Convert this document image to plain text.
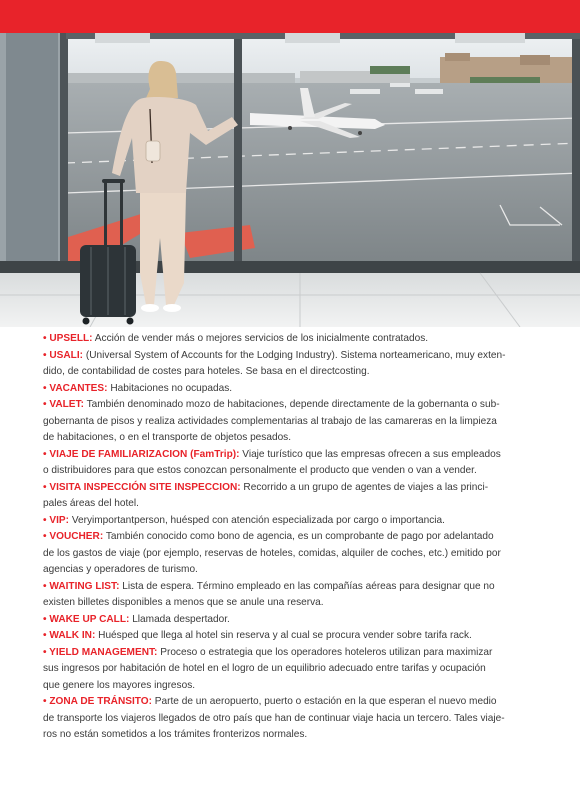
• UPSELL: Acción de vender más o mejores servicios de los inicialmente contratados.

• USALI: (Universal System of Accounts for the Lodging Industry). Sistema norteamericano, muy exten-
dido, de contabilidad de costes para hoteles. Se basa en el directcosting.

• VACANTES: Habitaciones no ocupadas.

• VALET: También denominado mozo de habitaciones, depende directamente de la gobernanta o sub-
gobernanta de pisos y realiza actividades complementarias al trabajo de las camareras en la limpieza
de habitaciones, o en el transporte de objetos pesados.

• VIAJE DE FAMILIARIZACION (FamTrip): Viaje turístico que las empresas ofrecen a sus empleados
o distribuidores para que estos conozcan personalmente el producto que venden o van a vender.

• VISITA INSPECCIÓN SITE INSPECCION: Recorrido a un grupo de agentes de viajes a las princi-
pales áreas del hotel.

• VIP: Veryimportantperson, huésped con atención especializada por cargo o importancia.

• VOUCHER: También conocido como bono de agencia, es un comprobante de pago por adelantado
de los gastos de viaje (por ejemplo, reservas de hoteles, comidas, alquiler de coches, etc.) emitido por
agencias y operadores de turismo.

• WAITING LIST: Lista de espera. Término empleado en las compañías aéreas para designar que no
existen billetes disponibles a menos que se anule una reserva.

• WAKE UP CALL: Llamada despertador.

• WALK IN: Huésped que llega al hotel sin reserva y al cual se procura vender sobre tarifa rack.

• YIELD MANAGEMENT: Proceso o estrategia que los operadores hoteleros utilizan para maximizar
sus ingresos por habitación de hotel en el logro de un equilibrio adecuado entre tarifas y ocupación
que genere los mayores ingresos.

• ZONA DE TRÁNSITO: Parte de un aeropuerto, puerto o estación en la que esperan el nuevo medio
de transporte los viajeros llegados de otro país que han de continuar viaje hacia un tercero. Tales viaje-
ros no están sometidos a los trámites fronterizos normales.
